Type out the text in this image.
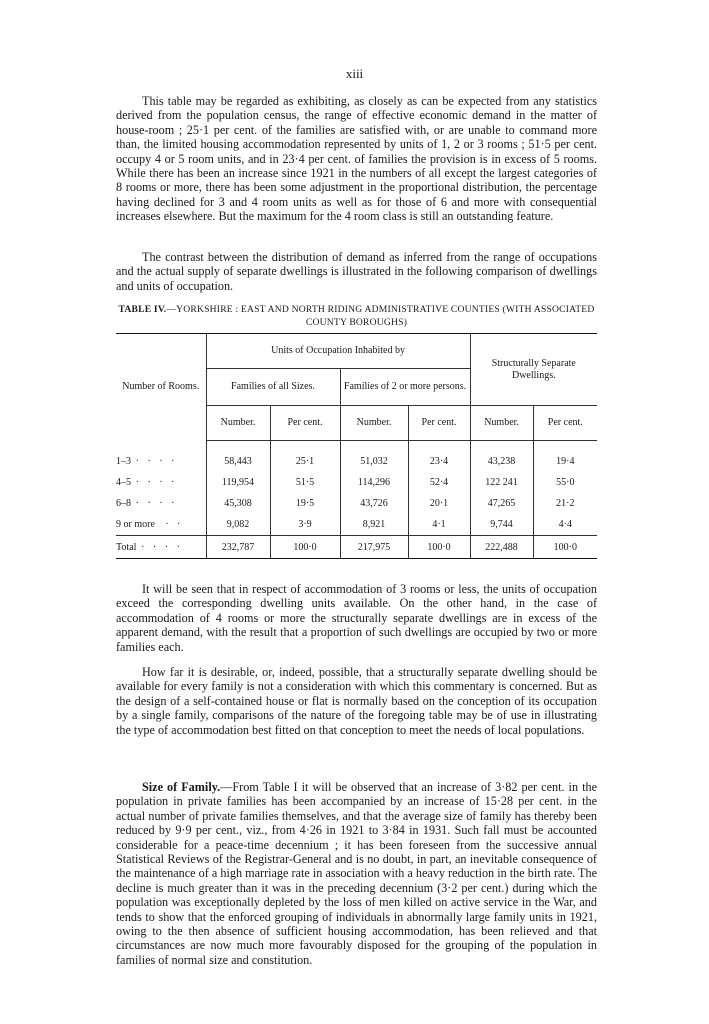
xiii

This table may be regarded as exhibiting, as closely as can be expected from any statistics derived from the population census, the range of effective economic demand in the matter of house-room ; 25·1 per cent. of the families are satisfied with, or are unable to command more than, the limited housing accommodation represented by units of 1, 2 or 3 rooms ; 51·5 per cent. occupy 4 or 5 room units, and in 23·4 per cent. of families the provision is in excess of 5 rooms. While there has been an increase since 1921 in the numbers of all except the largest categories of 8 rooms or more, there has been some adjustment in the proportional distribution, the percentage having declined for 3 and 4 room units as well as for those of 6 and more with consequential increases elsewhere. But the maximum for the 4 room class is still an outstanding feature.

The contrast between the distribution of demand as inferred from the range of occupations and the actual supply of separate dwellings is illustrated in the following comparison of dwellings and units of occupation.

TABLE IV.—YORKSHIRE : EAST AND NORTH RIDING ADMINISTRATIVE COUNTIES (WITH ASSOCIATED COUNTY BOROUGHS)
Number of Rooms.	Units of Occupation Inhabited by				Structurally Separate Dwellings.	
	Families of all Sizes.		Families of 2 or more persons.			
	Number.	Per cent.	Number.	Per cent.	Number.	Per cent.

1–3 · · · ·	58,443	25·1	51,032	23·4	43,238	19·4
4–5 · · · ·	119,954	51·5	114,296	52·4	122 241	55·0
6–8 · · · ·	45,308	19·5	43,726	20·1	47,265	21·2
9 or more · ·	9,082	3·9	8,921	4·1	9,744	4·4
Total · · · ·	232,787	100·0	217,975	100·0	222,488	100·0

It will be seen that in respect of accommodation of 3 rooms or less, the units of occupation exceed the corresponding dwelling units available. On the other hand, in the case of accommodation of 4 rooms or more the structurally separate dwellings are in excess of the apparent demand, with the result that a proportion of such dwellings are occupied by two or more families each.

How far it is desirable, or, indeed, possible, that a structurally separate dwelling should be available for every family is not a consideration with which this commentary is concerned. But as the design of a self-contained house or flat is normally based on the conception of its occupation by a single family, comparisons of the nature of the foregoing table may be of use in illustrating the type of accommodation best fitted on that conception to meet the needs of local populations.

Size of Family.—From Table I it will be observed that an increase of 3·82 per cent. in the population in private families has been accompanied by an increase of 15·28 per cent. in the actual number of private families themselves, and that the average size of family has thereby been reduced by 9·9 per cent., viz., from 4·26 in 1921 to 3·84 in 1931. Such fall must be accounted considerable for a peace-time decennium ; it has been foreseen from the successive annual Statistical Reviews of the Registrar-General and is no doubt, in part, an inevitable consequence of the maintenance of a high marriage rate in association with a heavy reduction in the birth rate. The decline is much greater than it was in the preceding decennium (3·2 per cent.) during which the population was exceptionally depleted by the loss of men killed on active service in the War, and tends to show that the enforced grouping of individuals in abnormally large family units in 1921, owing to the then absence of sufficient housing accommodation, has been relieved and that circumstances are now much more favourably disposed for the grouping of the population in families of normal size and constitution.
